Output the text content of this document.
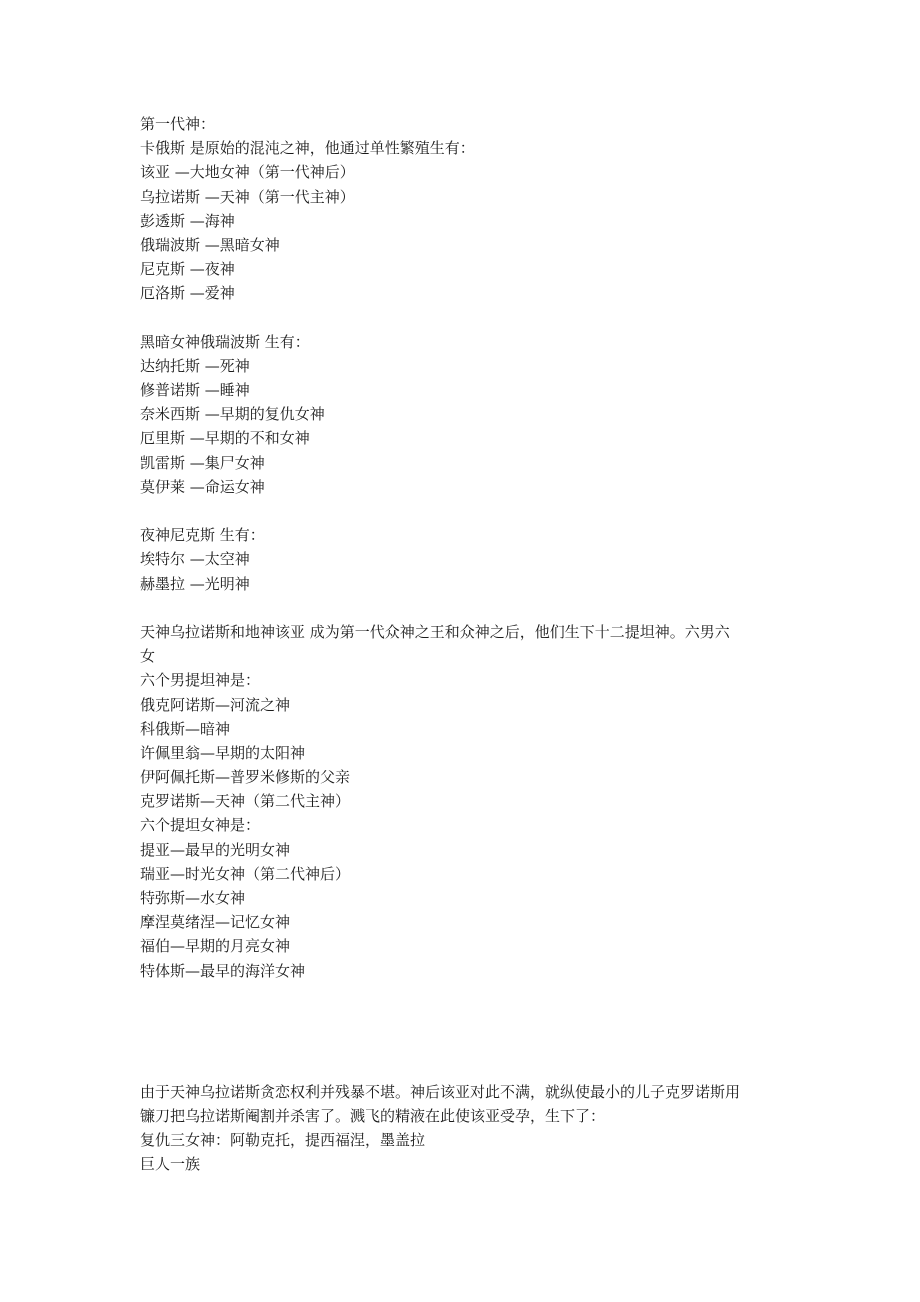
第一代神：
卡俄斯 是原始的混沌之神，他通过单性繁殖生有：
该亚 —大地女神（第一代神后）
乌拉诺斯 —天神（第一代主神）
彭透斯 —海神
俄瑞波斯 —黑暗女神
尼克斯 —夜神
厄洛斯 —爱神
黑暗女神俄瑞波斯 生有：
达纳托斯 —死神
修普诺斯 —睡神
奈米西斯 —早期的复仇女神
厄里斯 —早期的不和女神
凯雷斯 —集尸女神
莫伊莱 —命运女神
夜神尼克斯 生有：
埃特尔 —太空神
赫墨拉 —光明神
天神乌拉诺斯和地神该亚 成为第一代众神之王和众神之后，他们生下十二提坦神。六男六
女
六个男提坦神是：
俄克阿诺斯—河流之神
科俄斯—暗神
许佩里翁—早期的太阳神
伊阿佩托斯—普罗米修斯的父亲
克罗诺斯—天神（第二代主神）
六个提坦女神是：
提亚—最早的光明女神
瑞亚—时光女神（第二代神后）
特弥斯—水女神
摩涅莫绪涅—记忆女神
福伯—早期的月亮女神
特体斯—最早的海洋女神
由于天神乌拉诺斯贪恋权利并残暴不堪。神后该亚对此不满，就纵使最小的儿子克罗诺斯用
镰刀把乌拉诺斯阉割并杀害了。溅飞的精液在此使该亚受孕，生下了：
复仇三女神：阿勒克托，提西福涅，墨盖拉
巨人一族
